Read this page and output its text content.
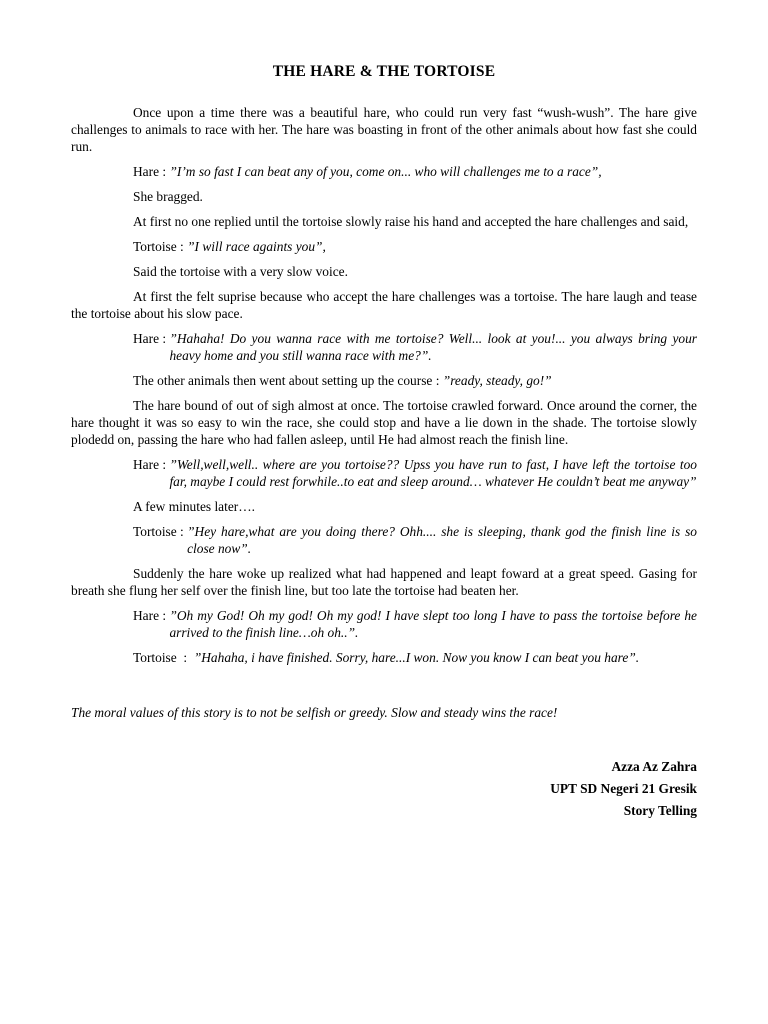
THE HARE & THE TORTOISE

Once upon a time there was a beautiful hare, who could run very fast “wush-wush”. The hare give challenges to animals to race with her. The hare was boasting in front of the other animals about how fast she could run.

Hare : ”I’m so fast I can beat any of you, come on... who will challenges me to a race”,

She bragged.

At first no one replied until the tortoise slowly raise his hand and accepted the hare challenges and said,

Tortoise : ”I will race againts you”,

Said the tortoise with a very slow voice.

At first the felt suprise because who accept the hare challenges was a tortoise. The hare laugh and tease the tortoise about his slow pace.

Hare : ”Hahaha! Do you wanna race with me tortoise? Well... look at you!... you always bring your heavy home and you still wanna race with me?”.

The other animals then went about setting up the course : ”ready, steady, go!”

The hare bound of out of sigh almost at once. The tortoise crawled forward. Once around the corner, the hare thought it was so easy to win the race, she could stop and have a lie down in the shade. The tortoise slowly plodedd on, passing the hare who had fallen asleep, until He had almost reach the finish line.

Hare : ”Well,well,well.. where are you tortoise?? Upss you have run to fast, I have left the tortoise too far, maybe I could rest forwhile..to eat and sleep around… whatever He couldn’t beat me anyway”

A few minutes later….

Tortoise : ”Hey hare,what are you doing there? Ohh.... she is sleeping, thank god the finish line is so close now”.

Suddenly the hare woke up realized what had happened and leapt foward at a great speed. Gasing for breath she flung her self over the finish line, but too late the tortoise had beaten her.

Hare : ”Oh my God! Oh my god! Oh my god! I have slept too long I have to pass the tortoise before he arrived to the finish line…oh oh..”.
Tortoise  : ”Hahaha, i have finished. Sorry, hare...I won. Now you know I can beat you hare”.

The moral values of this story is to not be selfish or greedy. Slow and steady wins the race!

Azza Az Zahra

UPT SD Negeri 21 Gresik

Story Telling
